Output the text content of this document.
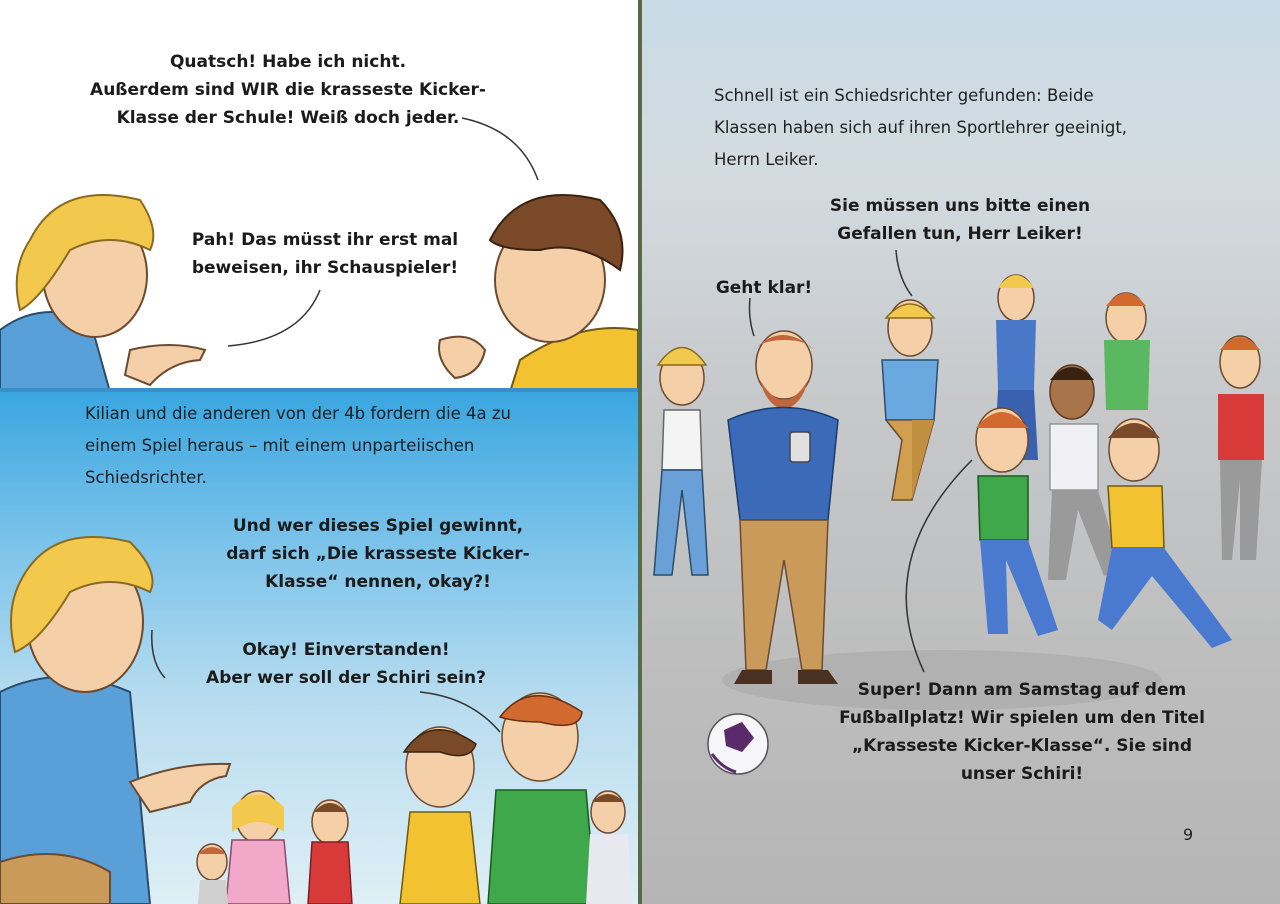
Quatsch! Habe ich nicht.
Außerdem sind WIR die krasseste Kicker-
Klasse der Schule! Weiß doch jeder.
Pah! Das müsst ihr erst mal
beweisen, ihr Schauspieler!
Kilian und die anderen von der 4b fordern die 4a zu
einem Spiel heraus – mit einem unparteiischen
Schiedsrichter.
Und wer dieses Spiel gewinnt,
darf sich „Die krasseste Kicker-
Klasse“ nennen, okay?!
Okay! Einverstanden!
Aber wer soll der Schiri sein?
Schnell ist ein Schiedsrichter gefunden: Beide
Klassen haben sich auf ihren Sportlehrer geeinigt,
Herrn Leiker.
Sie müssen uns bitte einen
Gefallen tun, Herr Leiker!
Geht klar!
Super! Dann am Samstag auf dem
Fußballplatz! Wir spielen um den Titel
„Krasseste Kicker-Klasse“. Sie sind
unser Schiri!
9
